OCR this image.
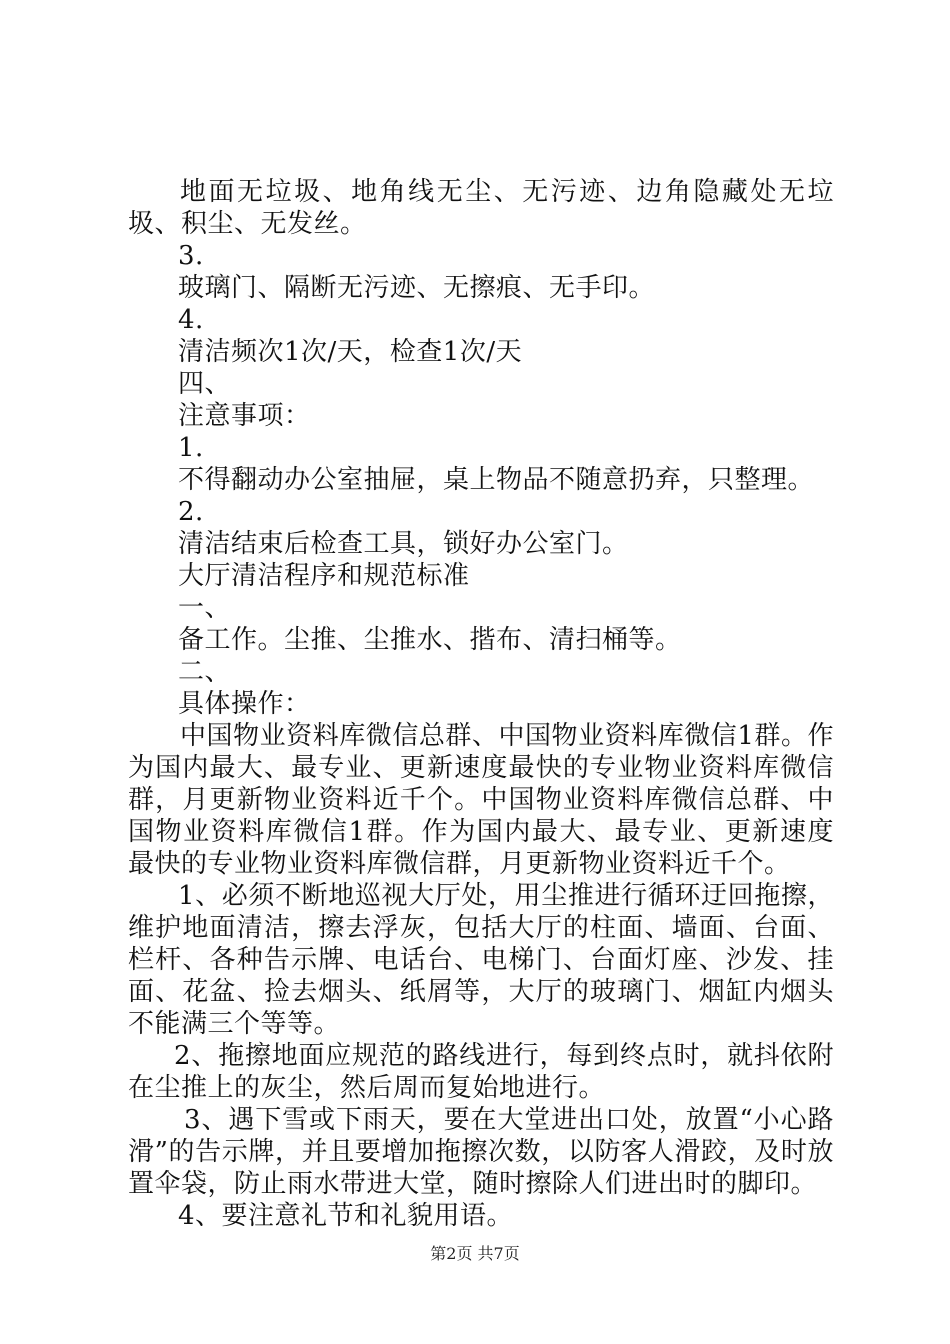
地面无垃圾、地角线无尘、无污迹、边角隐藏处无垃圾、积尘、无发丝。

3.

玻璃门、隔断无污迹、无擦痕、无手印。

4.

清洁频次1次/天，检查1次/天

四、

注意事项：

1.

不得翻动办公室抽屉，桌上物品不随意扔弃，只整理。

2.

清洁结束后检查工具，锁好办公室门。

大厅清洁程序和规范标准

一、

备工作。尘推、尘推水、揩布、清扫桶等。

二、

具体操作：

中国物业资料库微信总群、中国物业资料库微信1群。作为国内最大、最专业、更新速度最快的专业物业资料库微信群，月更新物业资料近千个。中国物业资料库微信总群、中国物业资料库微信1群。作为国内最大、最专业、更新速度最快的专业物业资料库微信群，月更新物业资料近千个。

1、必须不断地巡视大厅处，用尘推进行循环迂回拖擦，维护地面清洁，擦去浮灰，包括大厅的柱面、墙面、台面、栏杆、各种告示牌、电话台、电梯门、台面灯座、沙发、挂面、花盆、捡去烟头、纸屑等，大厅的玻璃门、烟缸内烟头不能满三个等等。

2、拖擦地面应规范的路线进行，每到终点时，就抖依附在尘推上的灰尘，然后周而复始地进行。

3、遇下雪或下雨天，要在大堂进出口处，放置“小心路滑”的告示牌，并且要增加拖擦次数，以防客人滑跤，及时放置伞袋，防止雨水带进大堂，随时擦除人们进出时的脚印。

4、要注意礼节和礼貌用语。

第2页 共7页
